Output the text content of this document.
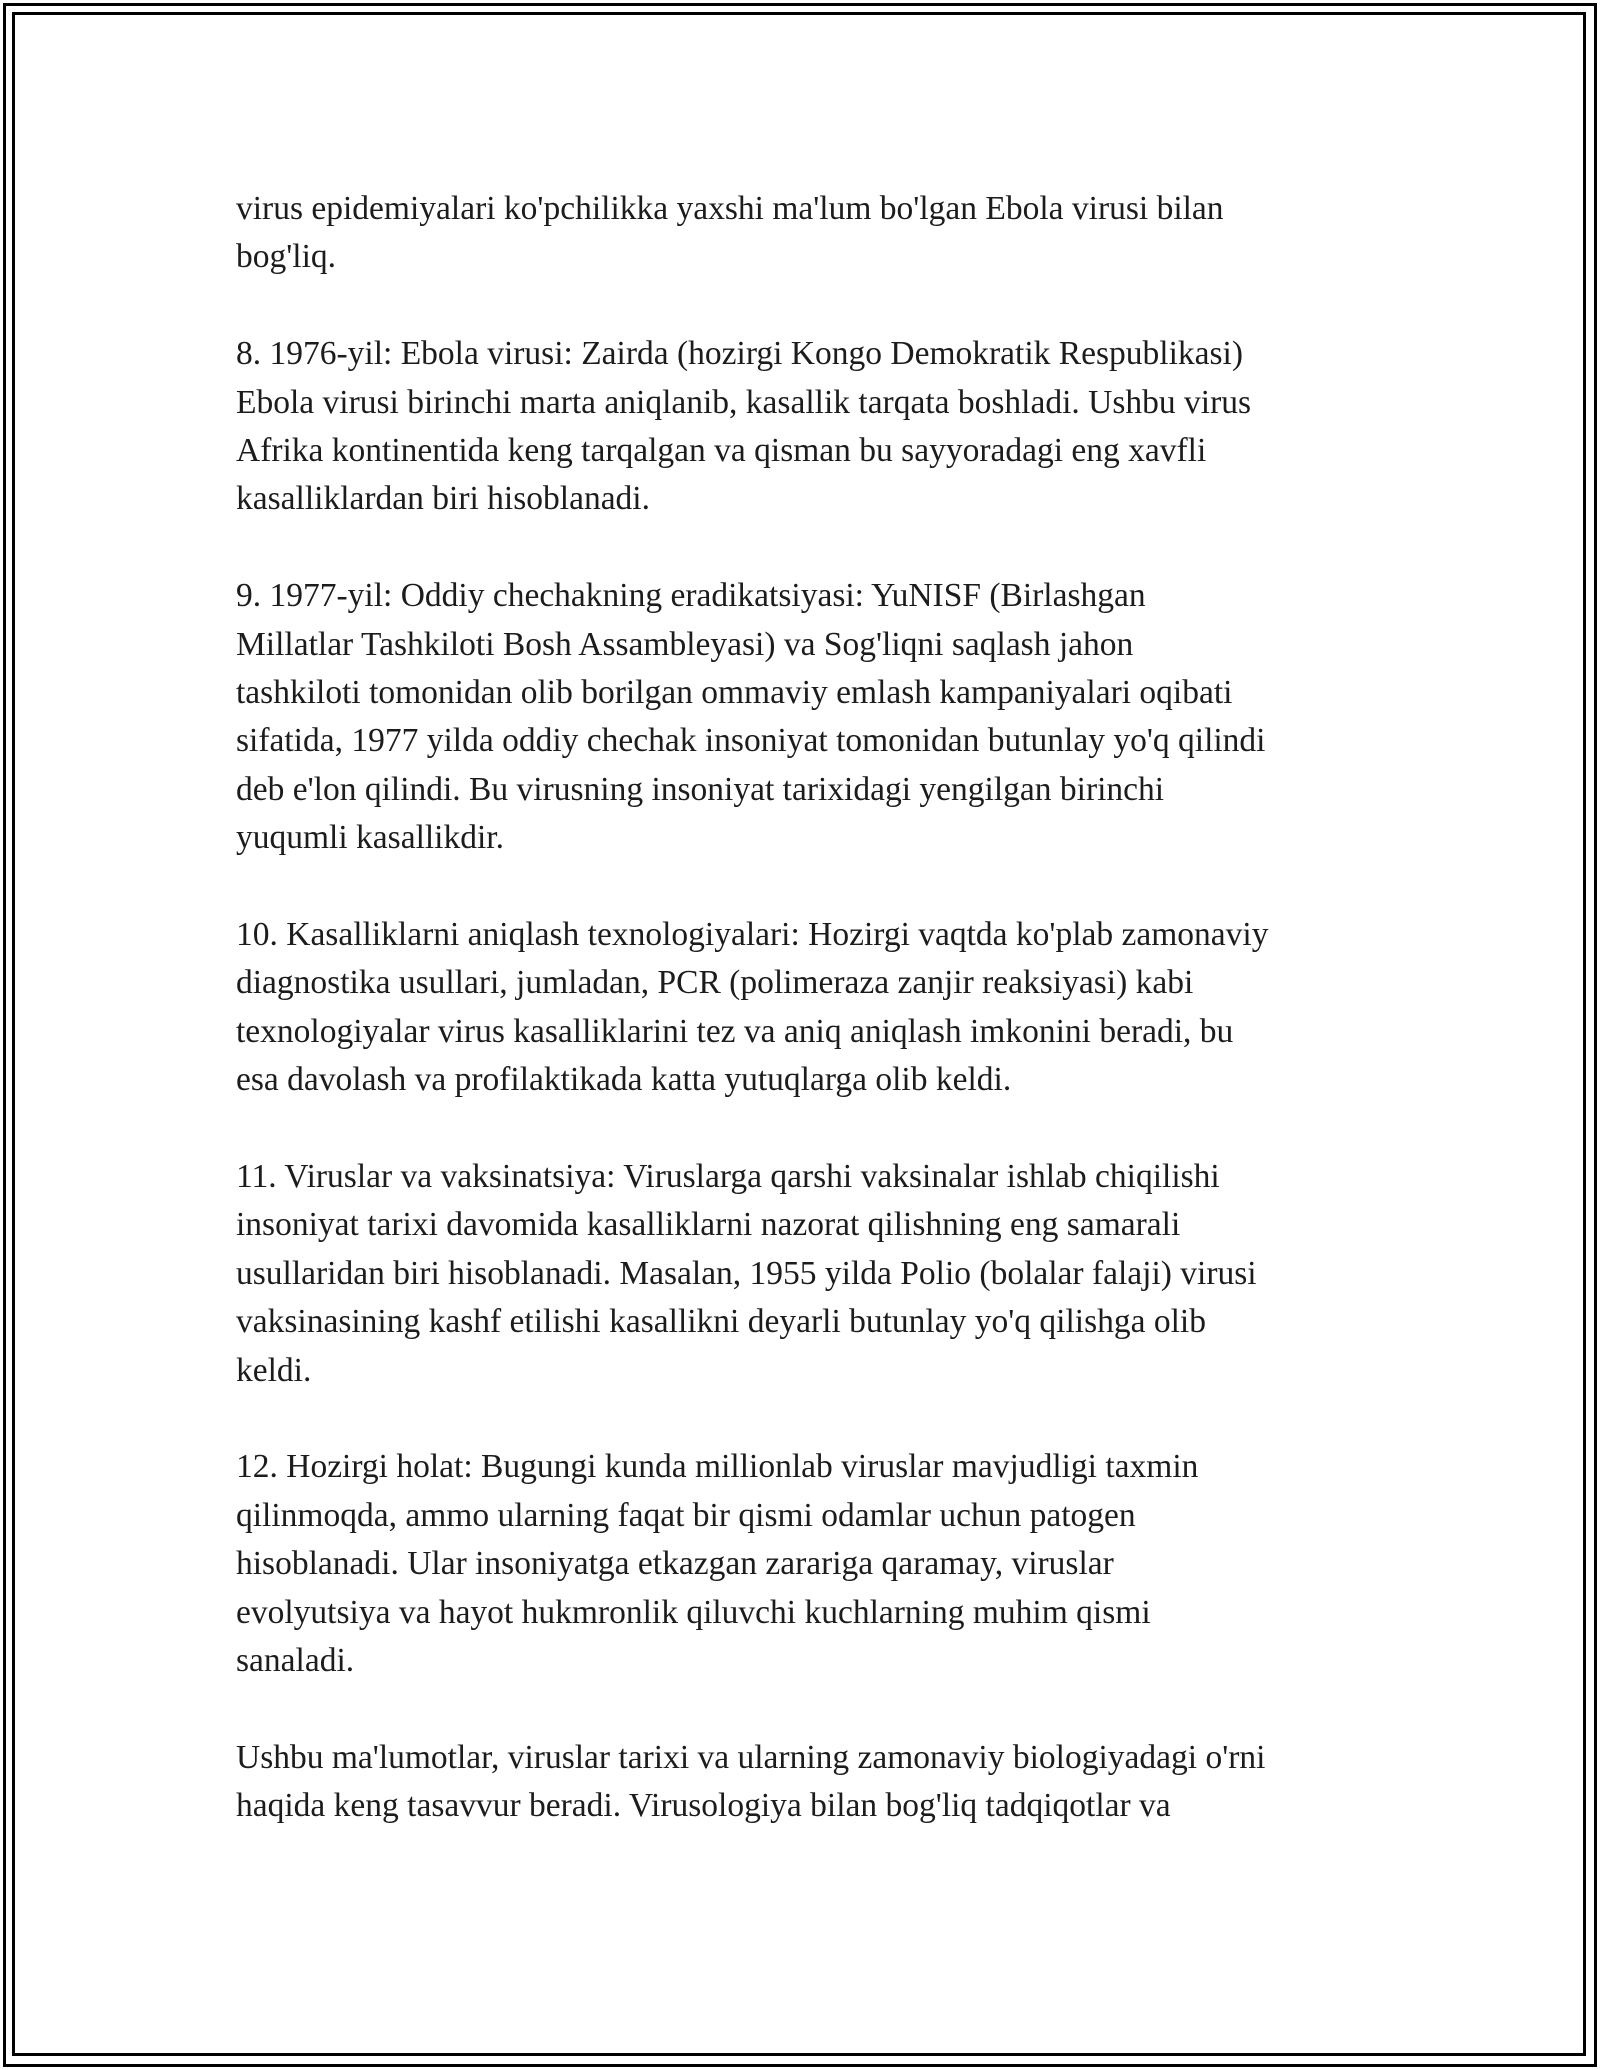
virus epidemiyalari ko'pchilikka yaxshi ma'lum bo'lgan Ebola virusi bilan
bog'liq.

8. 1976-yil: Ebola virusi: Zairda (hozirgi Kongo Demokratik Respublikasi)
Ebola virusi birinchi marta aniqlanib, kasallik tarqata boshladi. Ushbu virus
Afrika kontinentida keng tarqalgan va qisman bu sayyoradagi eng xavfli
kasalliklardan biri hisoblanadi.

9. 1977-yil: Oddiy chechakning eradikatsiyasi: YuNISF (Birlashgan
Millatlar Tashkiloti Bosh Assambleyasi) va Sog'liqni saqlash jahon
tashkiloti tomonidan olib borilgan ommaviy emlash kampaniyalari oqibati
sifatida, 1977 yilda oddiy chechak insoniyat tomonidan butunlay yo'q qilindi
deb e'lon qilindi. Bu virusning insoniyat tarixidagi yengilgan birinchi
yuqumli kasallikdir.

10. Kasalliklarni aniqlash texnologiyalari: Hozirgi vaqtda ko'plab zamonaviy
diagnostika usullari, jumladan, PCR (polimeraza zanjir reaksiyasi) kabi
texnologiyalar virus kasalliklarini tez va aniq aniqlash imkonini beradi, bu
esa davolash va profilaktikada katta yutuqlarga olib keldi.

11. Viruslar va vaksinatsiya: Viruslarga qarshi vaksinalar ishlab chiqilishi
insoniyat tarixi davomida kasalliklarni nazorat qilishning eng samarali
usullaridan biri hisoblanadi. Masalan, 1955 yilda Polio (bolalar falaji) virusi
vaksinasining kashf etilishi kasallikni deyarli butunlay yo'q qilishga olib
keldi.

12. Hozirgi holat: Bugungi kunda millionlab viruslar mavjudligi taxmin
qilinmoqda, ammo ularning faqat bir qismi odamlar uchun patogen
hisoblanadi. Ular insoniyatga etkazgan zarariga qaramay, viruslar
evolyutsiya va hayot hukmronlik qiluvchi kuchlarning muhim qismi
sanaladi.

Ushbu ma'lumotlar, viruslar tarixi va ularning zamonaviy biologiyadagi o'rni
haqida keng tasavvur beradi. Virusologiya bilan bog'liq tadqiqotlar va
